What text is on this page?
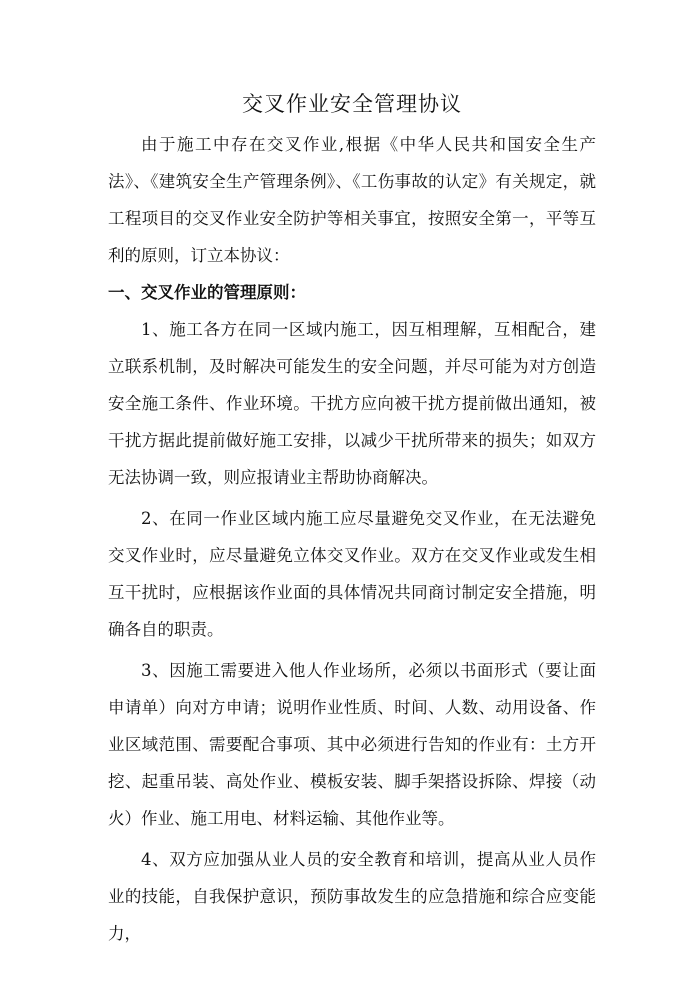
交叉作业安全管理协议

由于施工中存在交叉作业,根据《中华人民共和国安全生产法》、《建筑安全生产管理条例》、《工伤事故的认定》有关规定，就工程项目的交叉作业安全防护等相关事宜，按照安全第一，平等互利的原则，订立本协议：

一、交叉作业的管理原则：

1、施工各方在同一区域内施工，因互相理解，互相配合，建立联系机制，及时解决可能发生的安全问题，并尽可能为对方创造安全施工条件、作业环境。干扰方应向被干扰方提前做出通知，被干扰方据此提前做好施工安排，以减少干扰所带来的损失；如双方无法协调一致，则应报请业主帮助协商解决。

2、在同一作业区域内施工应尽量避免交叉作业，在无法避免交叉作业时，应尽量避免立体交叉作业。双方在交叉作业或发生相互干扰时，应根据该作业面的具体情况共同商讨制定安全措施，明确各自的职责。

3、因施工需要进入他人作业场所，必须以书面形式（要让面申请单）向对方申请；说明作业性质、时间、人数、动用设备、作业区域范围、需要配合事项、其中必须进行告知的作业有：土方开挖、起重吊装、高处作业、模板安装、脚手架搭设拆除、焊接（动火）作业、施工用电、材料运输、其他作业等。

4、双方应加强从业人员的安全教育和培训，提高从业人员作业的技能，自我保护意识，预防事故发生的应急措施和综合应变能力，
